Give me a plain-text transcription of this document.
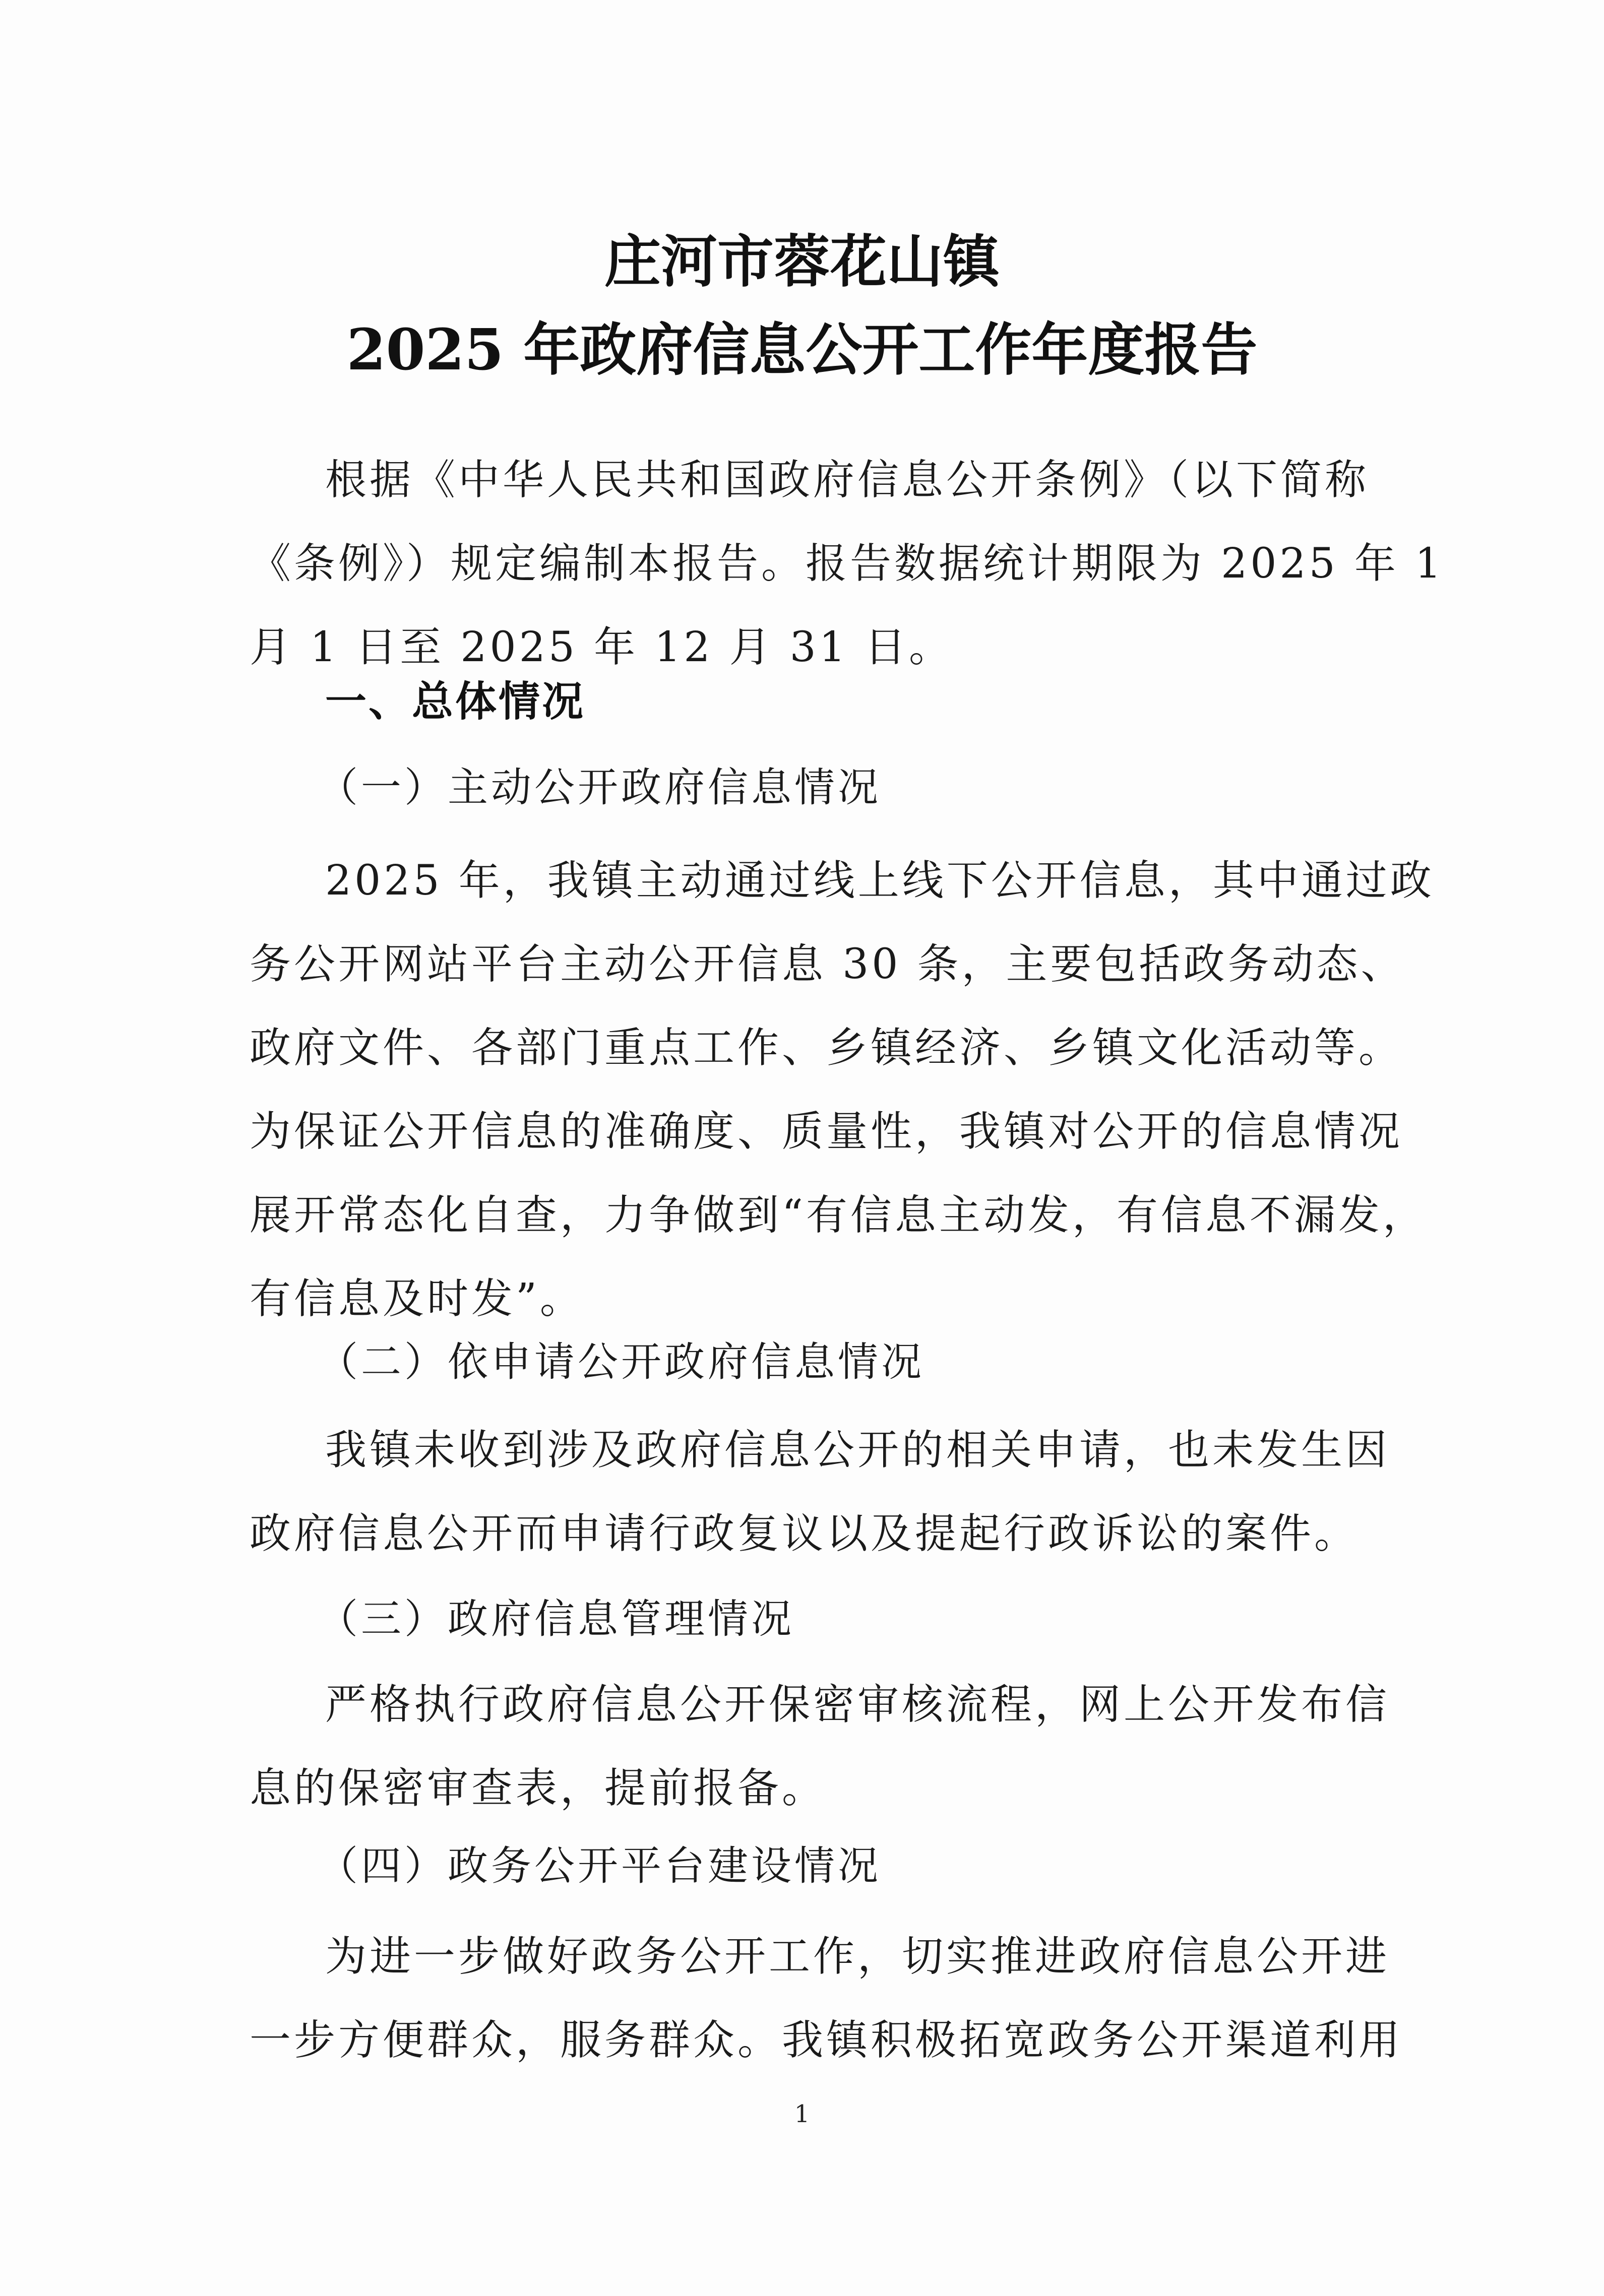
庄河市蓉花山镇
2025 年政府信息公开工作年度报告
根据《中华人民共和国政府信息公开条例》（以下简称
《条例》）规定编制本报告。报告数据统计期限为 2025 年 1
月 1 日至 2025 年 12 月 31 日。
一、总体情况
（一）主动公开政府信息情况
2025 年，我镇主动通过线上线下公开信息，其中通过政
务公开网站平台主动公开信息 30 条，主要包括政务动态、
政府文件、各部门重点工作、乡镇经济、乡镇文化活动等。
为保证公开信息的准确度、质量性，我镇对公开的信息情况
展开常态化自查，力争做到“有信息主动发，有信息不漏发，
有信息及时发”。
（二）依申请公开政府信息情况
我镇未收到涉及政府信息公开的相关申请，也未发生因
政府信息公开而申请行政复议以及提起行政诉讼的案件。
（三）政府信息管理情况
严格执行政府信息公开保密审核流程，网上公开发布信
息的保密审查表，提前报备。
（四）政务公开平台建设情况
为进一步做好政务公开工作，切实推进政府信息公开进
一步方便群众，服务群众。我镇积极拓宽政务公开渠道利用
1
